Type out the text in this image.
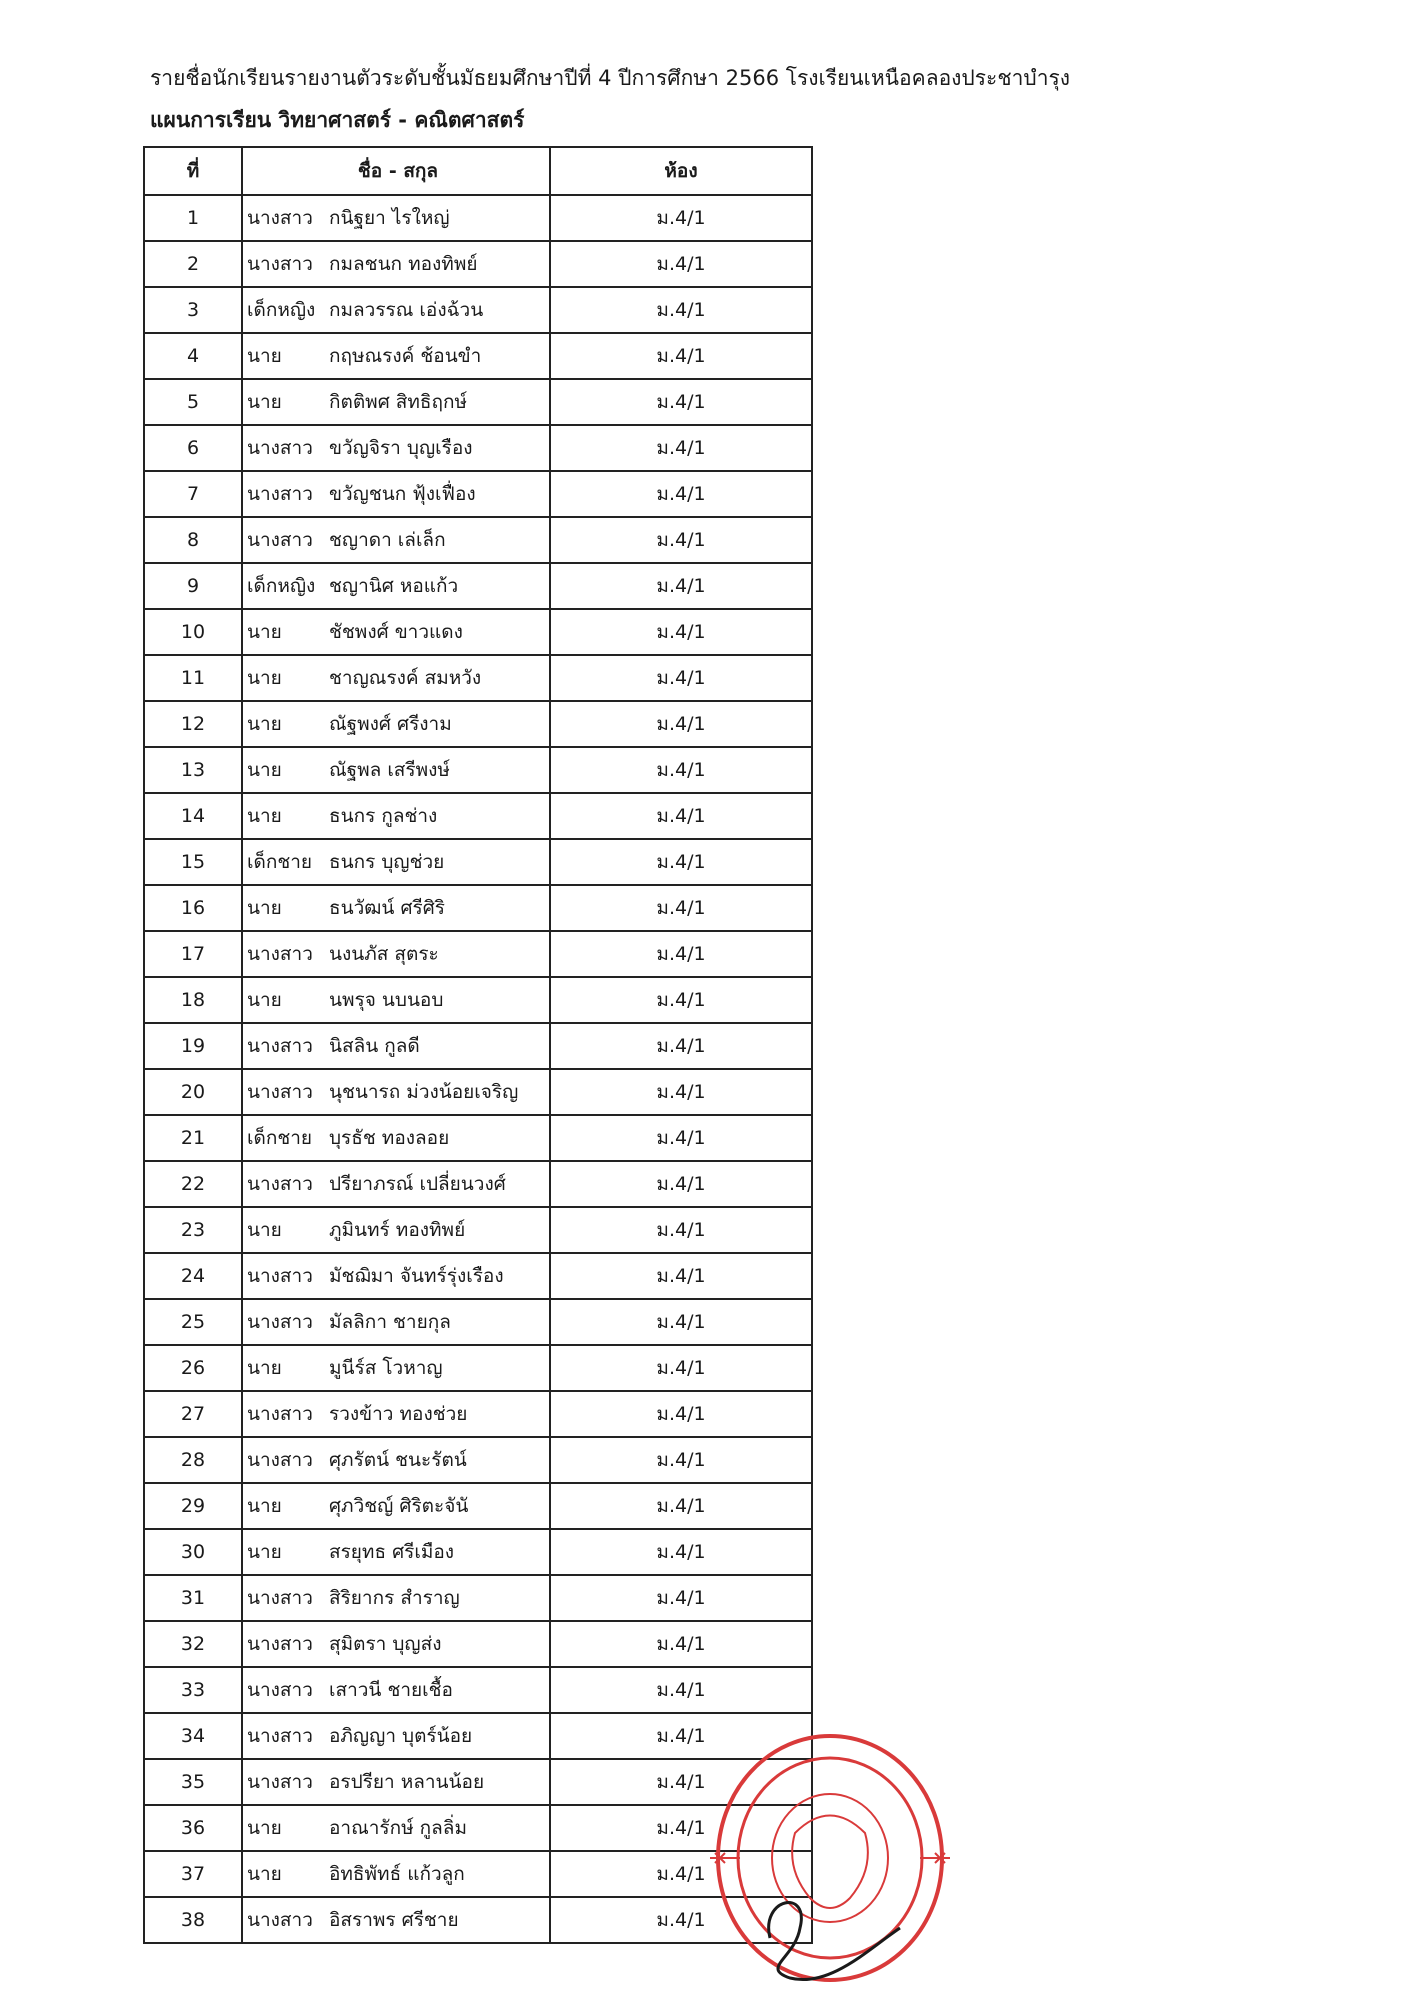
รายชื่อนักเรียนรายงานตัวระดับชั้นมัธยมศึกษาปีที่ 4 ปีการศึกษา 2566 โรงเรียนเหนือคลองประชาบำรุง
แผนการเรียน วิทยาศาสตร์ - คณิตศาสตร์
ที่	ชื่อ - สกุล	ห้อง
1	นางสาว กนิฐยา ไรใหญ่	ม.4/1
2	นางสาว กมลชนก ทองทิพย์	ม.4/1
3	เด็กหญิง กมลวรรณ เอ่งฉ้วน	ม.4/1
4	นาย กฤษณรงค์ ช้อนขำ	ม.4/1
5	นาย กิตติพศ สิทธิฤกษ์	ม.4/1
6	นางสาว ขวัญจิรา บุญเรือง	ม.4/1
7	นางสาว ขวัญชนก ฟุ้งเฟื่อง	ม.4/1
8	นางสาว ชญาดา เล่เล็ก	ม.4/1
9	เด็กหญิง ชญานิศ หอแก้ว	ม.4/1
10	นาย ชัชพงศ์ ขาวแดง	ม.4/1
11	นาย ชาญณรงค์ สมหวัง	ม.4/1
12	นาย ณัฐพงศ์ ศรีงาม	ม.4/1
13	นาย ณัฐพล เสรีพงษ์	ม.4/1
14	นาย ธนกร กูลช่าง	ม.4/1
15	เด็กชาย ธนกร บุญช่วย	ม.4/1
16	นาย ธนวัฒน์ ศรีศิริ	ม.4/1
17	นางสาว นงนภัส สุตระ	ม.4/1
18	นาย นพรุจ นบนอบ	ม.4/1
19	นางสาว นิสลิน กูลดี	ม.4/1
20	นางสาว นุชนารถ ม่วงน้อยเจริญ	ม.4/1
21	เด็กชาย บุรธัช ทองลอย	ม.4/1
22	นางสาว ปรียาภรณ์ เปลี่ยนวงศ์	ม.4/1
23	นาย ภูมินทร์ ทองทิพย์	ม.4/1
24	นางสาว มัชฌิมา จันทร์รุ่งเรือง	ม.4/1
25	นางสาว มัลลิกา ชายกุล	ม.4/1
26	นาย มูนีร์ส โวหาญ	ม.4/1
27	นางสาว รวงข้าว ทองช่วย	ม.4/1
28	นางสาว ศุภรัตน์ ชนะรัตน์	ม.4/1
29	นาย ศุภวิชญ์ ศิริตะจันั	ม.4/1
30	นาย สรยุทธ ศรีเมือง	ม.4/1
31	นางสาว สิริยากร สำราญ	ม.4/1
32	นางสาว สุมิตรา บุญส่ง	ม.4/1
33	นางสาว เสาวนี ชายเชื้อ	ม.4/1
34	นางสาว อภิญญา บุตร์น้อย	ม.4/1
35	นางสาว อรปรียา หลานน้อย	ม.4/1
36	นาย อาณารักษ์ กูลลิ่ม	ม.4/1
37	นาย อิทธิพัทธ์ แก้วลูก	ม.4/1
38	นางสาว อิสราพร ศรีชาย	ม.4/1
